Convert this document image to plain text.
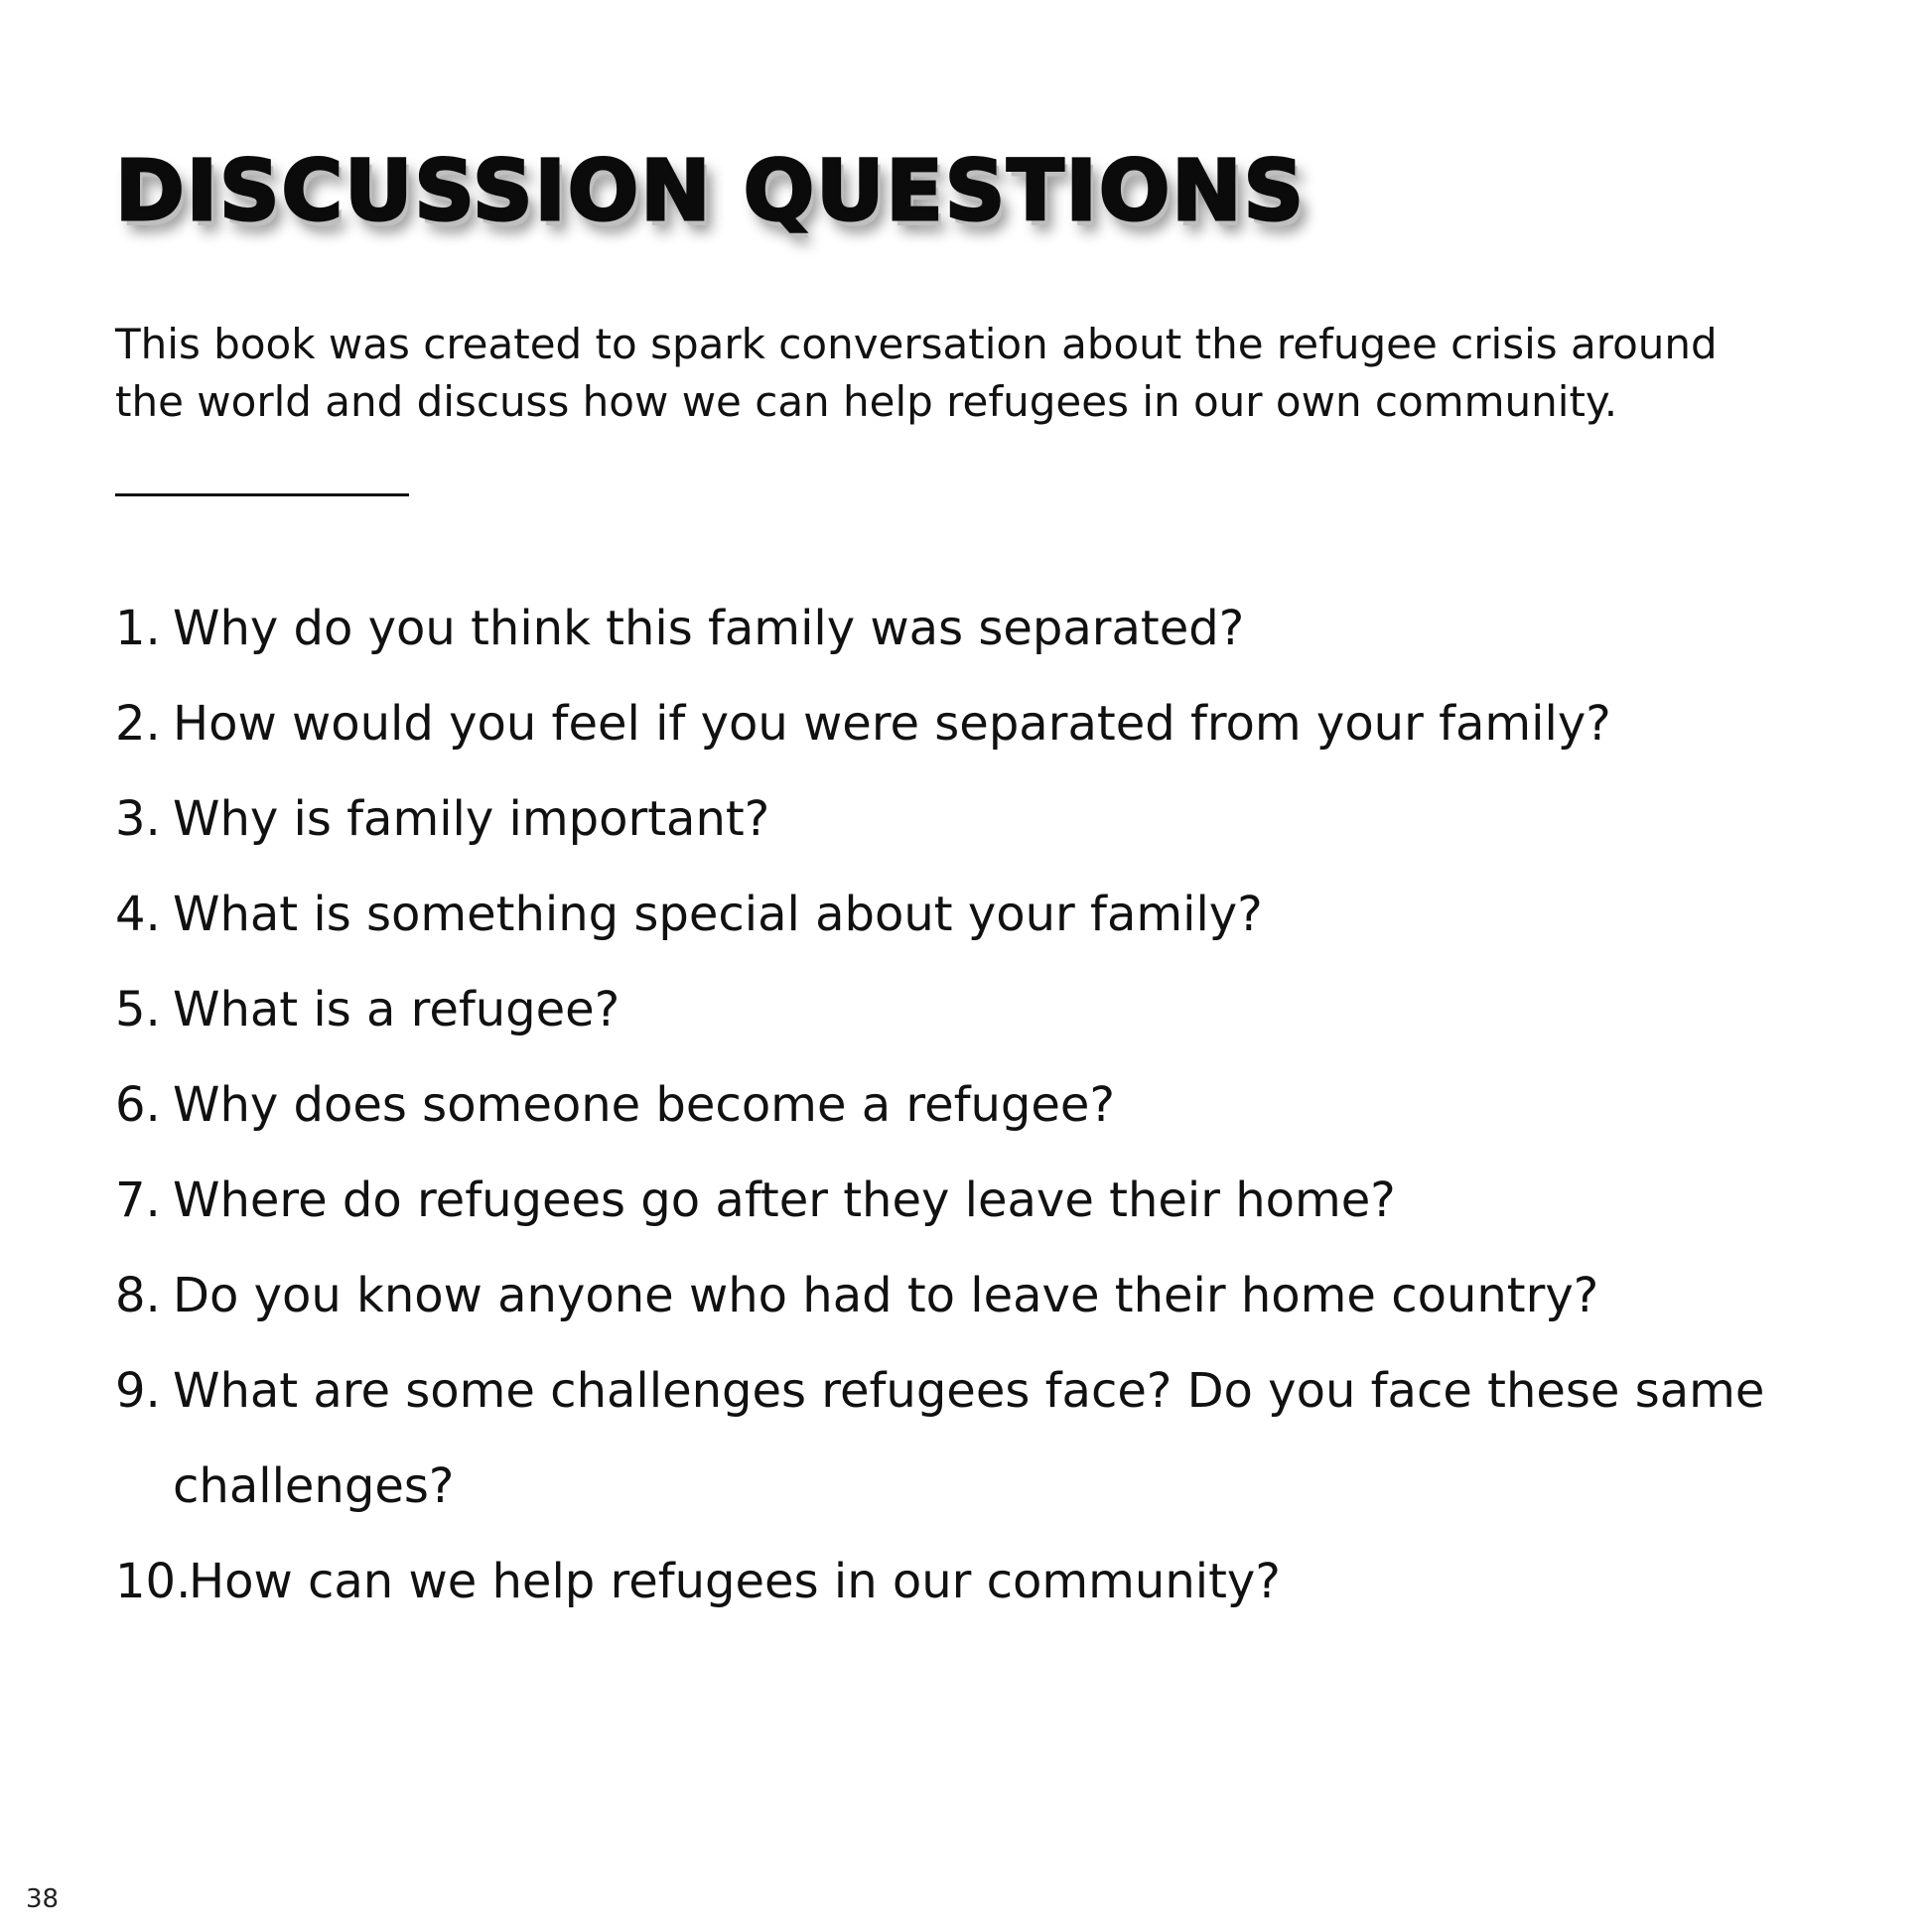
DISCUSSION QUESTIONS

This book was created to spark conversation about the refugee crisis around
the world and discuss how we can help refugees in our own community.

1. Why do you think this family was separated?
2. How would you feel if you were separated from your family?
3. Why is family important?
4. What is something special about your family?
5. What is a refugee?
6. Why does someone become a refugee?
7. Where do refugees go after they leave their home?
8. Do you know anyone who had to leave their home country?
9. What are some challenges refugees face? Do you face these same challenges?
10.
How can we help refugees in our community?
38
